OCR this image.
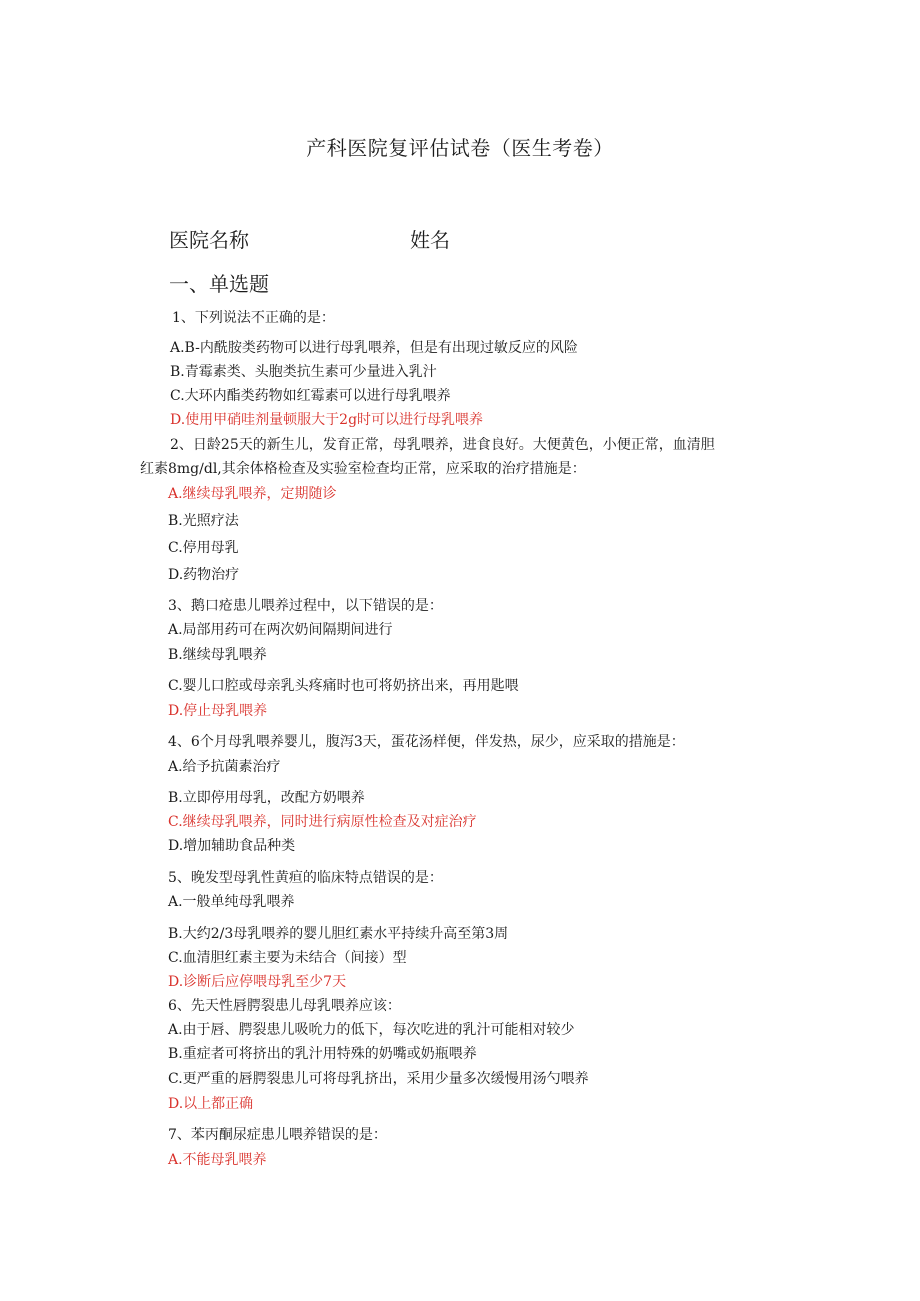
产科医院复评估试卷（医生考卷）
医院名称	姓名
一、单选题
1、下列说法不正确的是：
A.B-内酰胺类药物可以进行母乳喂养，但是有出现过敏反应的风险
B.青霉素类、头胞类抗生素可少量进入乳汁
C.大环内酯类药物如红霉素可以进行母乳喂养
D.使用甲硝哇剂量顿服大于2g时可以进行母乳喂养
2、日龄25天的新生儿，发育正常，母乳喂养，进食良好。大便黄色，小便正常，血清胆
红素8mg∕dl,其余体格检查及实验室检查均正常，应采取的治疗措施是：
A.继续母乳喂养，定期随诊
B.光照疗法
C.停用母乳
D.药物治疗
3、鹅口疮患儿喂养过程中，以下错误的是：
A.局部用药可在两次奶间隔期间进行
B.继续母乳喂养
C.婴儿口腔或母亲乳头疼痛时也可将奶挤出来，再用匙喂
D.停止母乳喂养
4、6个月母乳喂养婴儿，腹泻3天，蛋花汤样便，伴发热，尿少，应采取的措施是：
A.给予抗菌素治疗
B.立即停用母乳，改配方奶喂养
C.继续母乳喂养，同时进行病原性检查及对症治疗
D.增加辅助食品种类
5、晚发型母乳性黄疸的临床特点错误的是：
A.一般单纯母乳喂养
B.大约2/3母乳喂养的婴儿胆红素水平持续升高至第3周
C.血清胆红素主要为未结合（间接）型
D.诊断后应停喂母乳至少7天
6、先天性唇腭裂患儿母乳喂养应该：
A.由于唇、腭裂患儿吸吮力的低下，每次吃进的乳汁可能相对较少
B.重症者可将挤出的乳汁用特殊的奶嘴或奶瓶喂养
C.更严重的唇腭裂患儿可将母乳挤出，采用少量多次缓慢用汤勺喂养
D.以上都正确
7、苯丙酮尿症患儿喂养错误的是：
A.不能母乳喂养
